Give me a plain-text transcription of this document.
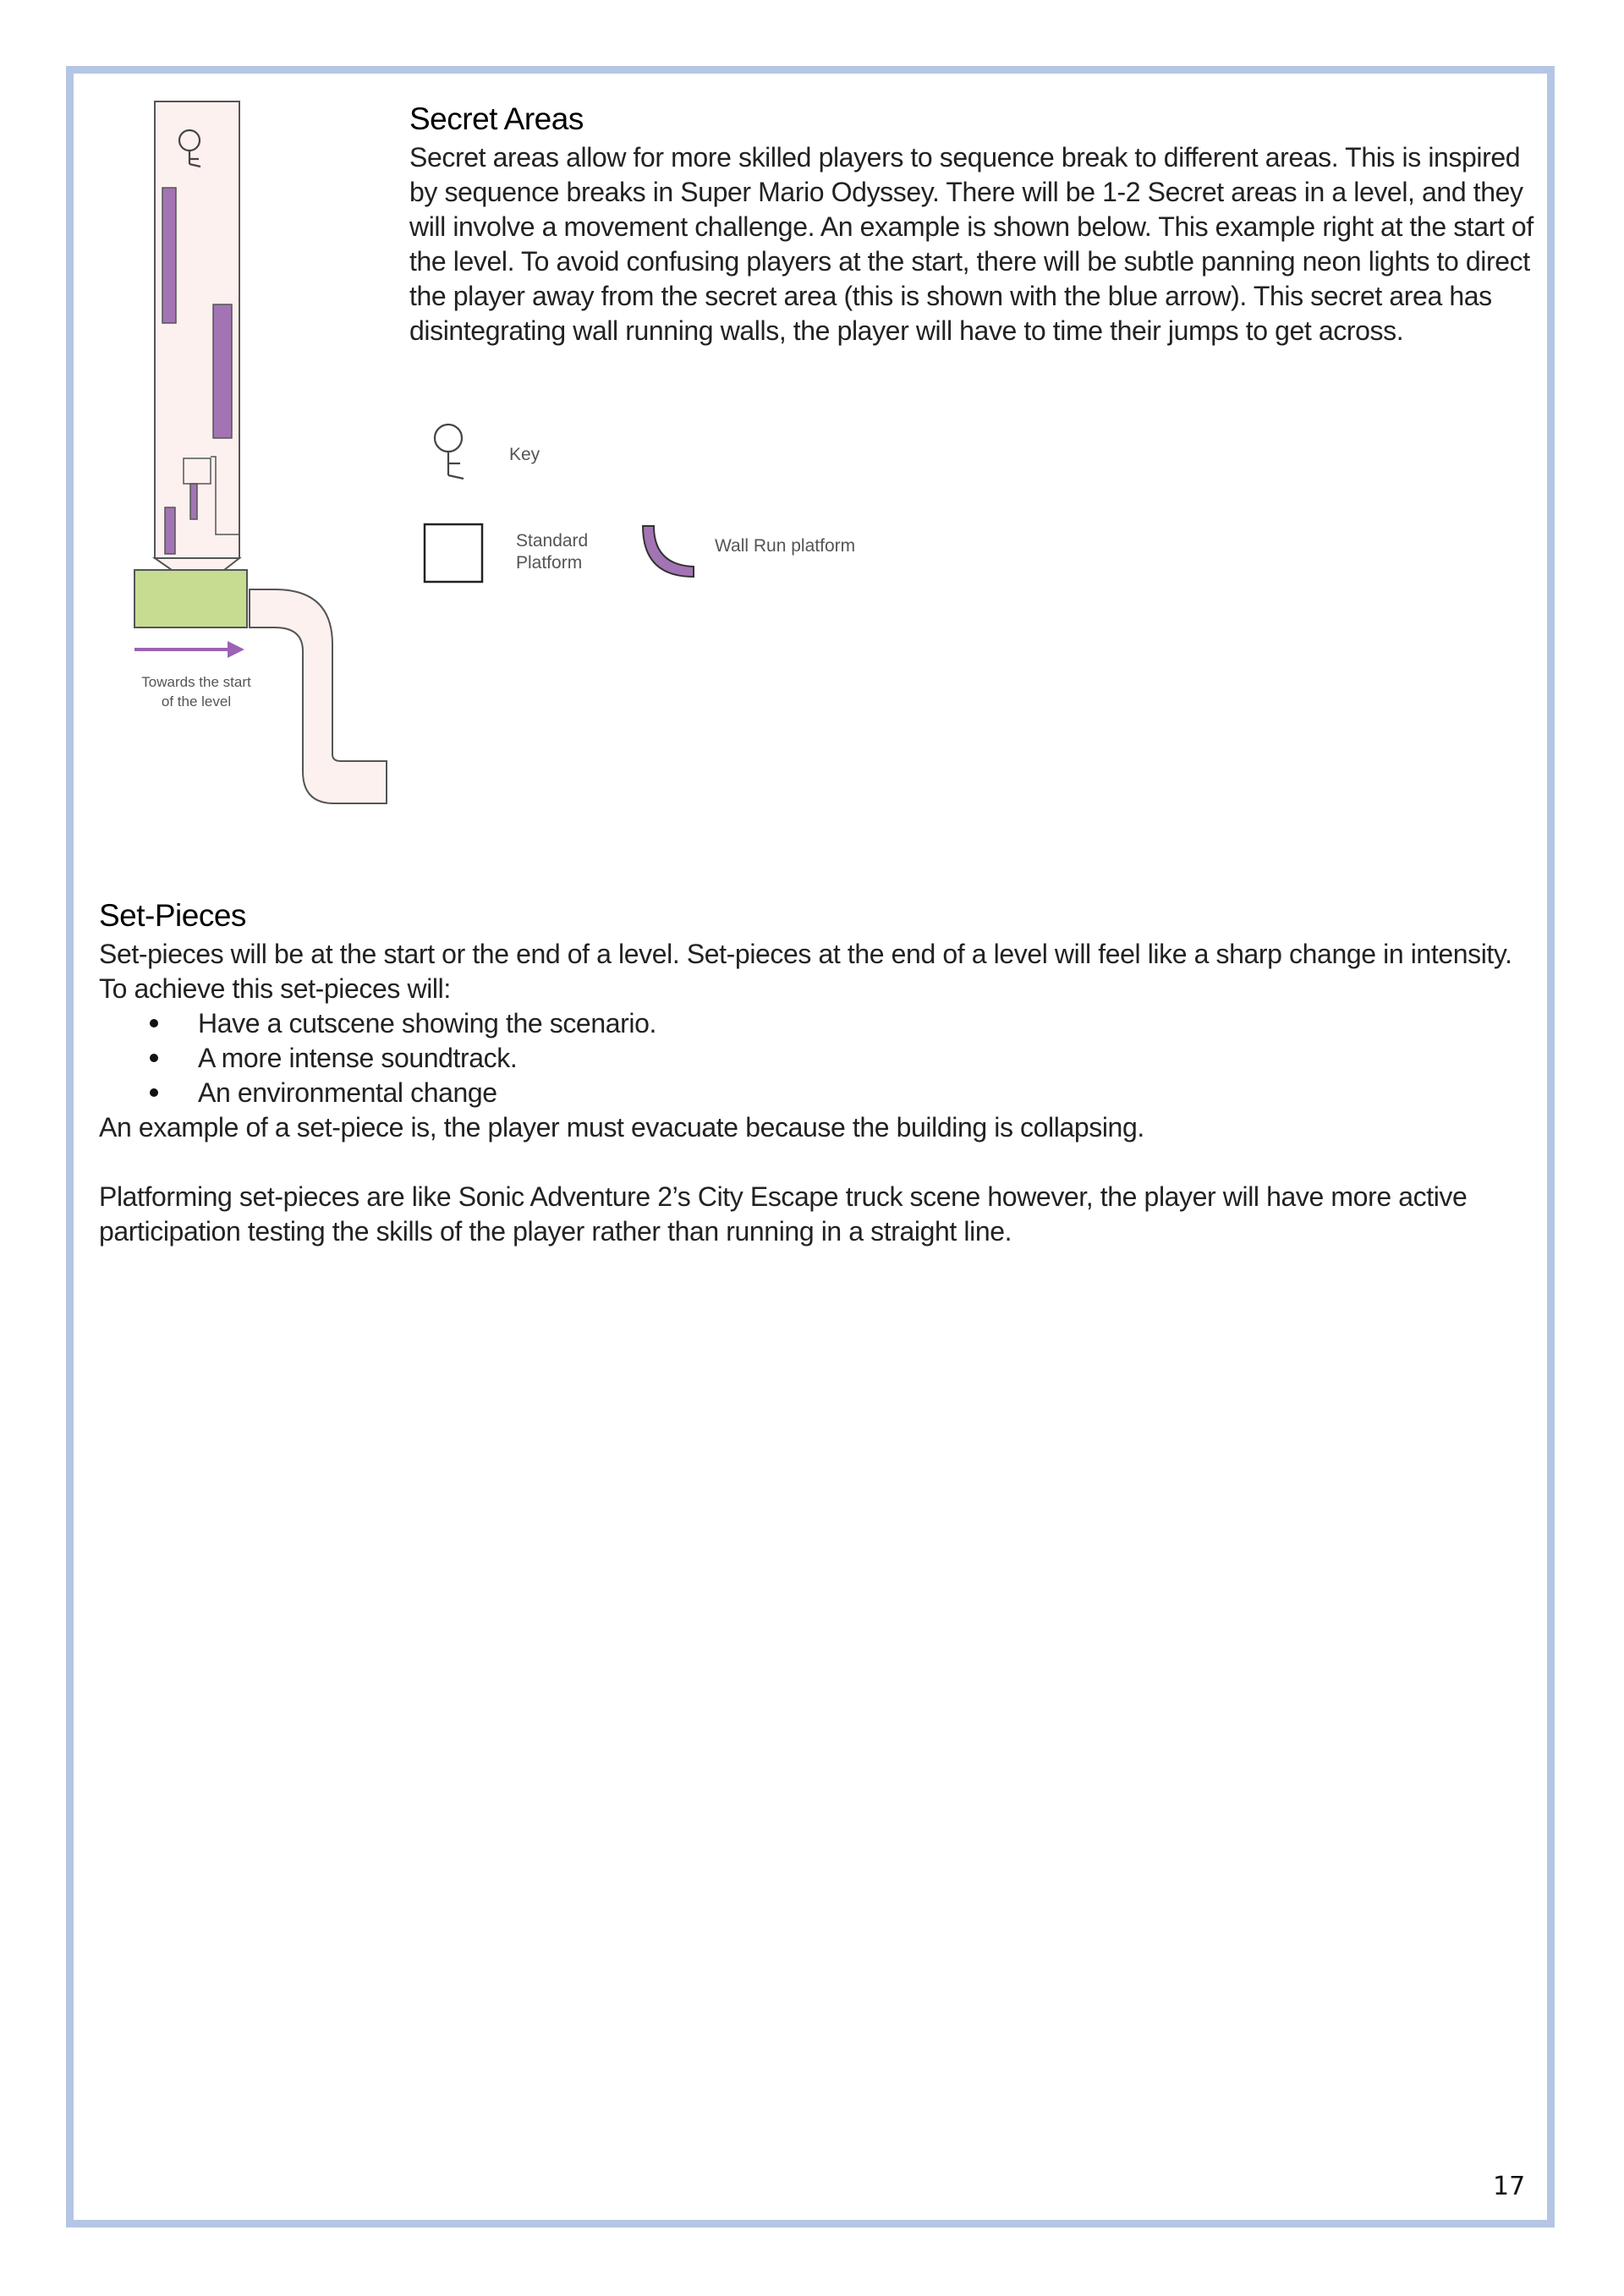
Towards the start
of the level
Secret Areas

Secret areas allow for more skilled players to sequence break to different areas. This is inspired by sequence breaks in Super Mario Odyssey. There will be 1-2 Secret areas in a level, and they will involve a movement challenge. An example is shown below. This example right at the start of the level. To avoid confusing players at the start, there will be subtle panning neon lights to direct the player away from the secret area (this is shown with the blue arrow). This secret area has disintegrating wall running walls, the player will have to time their jumps to get across.

Key
Standard
Platform
Wall Run platform
Set-Pieces

Set-pieces will be at the start or the end of a level. Set-pieces at the end of a level will feel like a sharp change in intensity. To achieve this set-pieces will:

Have a cutscene showing the scenario.
A more intense soundtrack.
An environmental change

An example of a set-piece is, the player must evacuate because the building is collapsing.

Platforming set-pieces are like Sonic Adventure 2’s City Escape truck scene however, the player will have more active participation testing the skills of the player rather than running in a straight line.

17
